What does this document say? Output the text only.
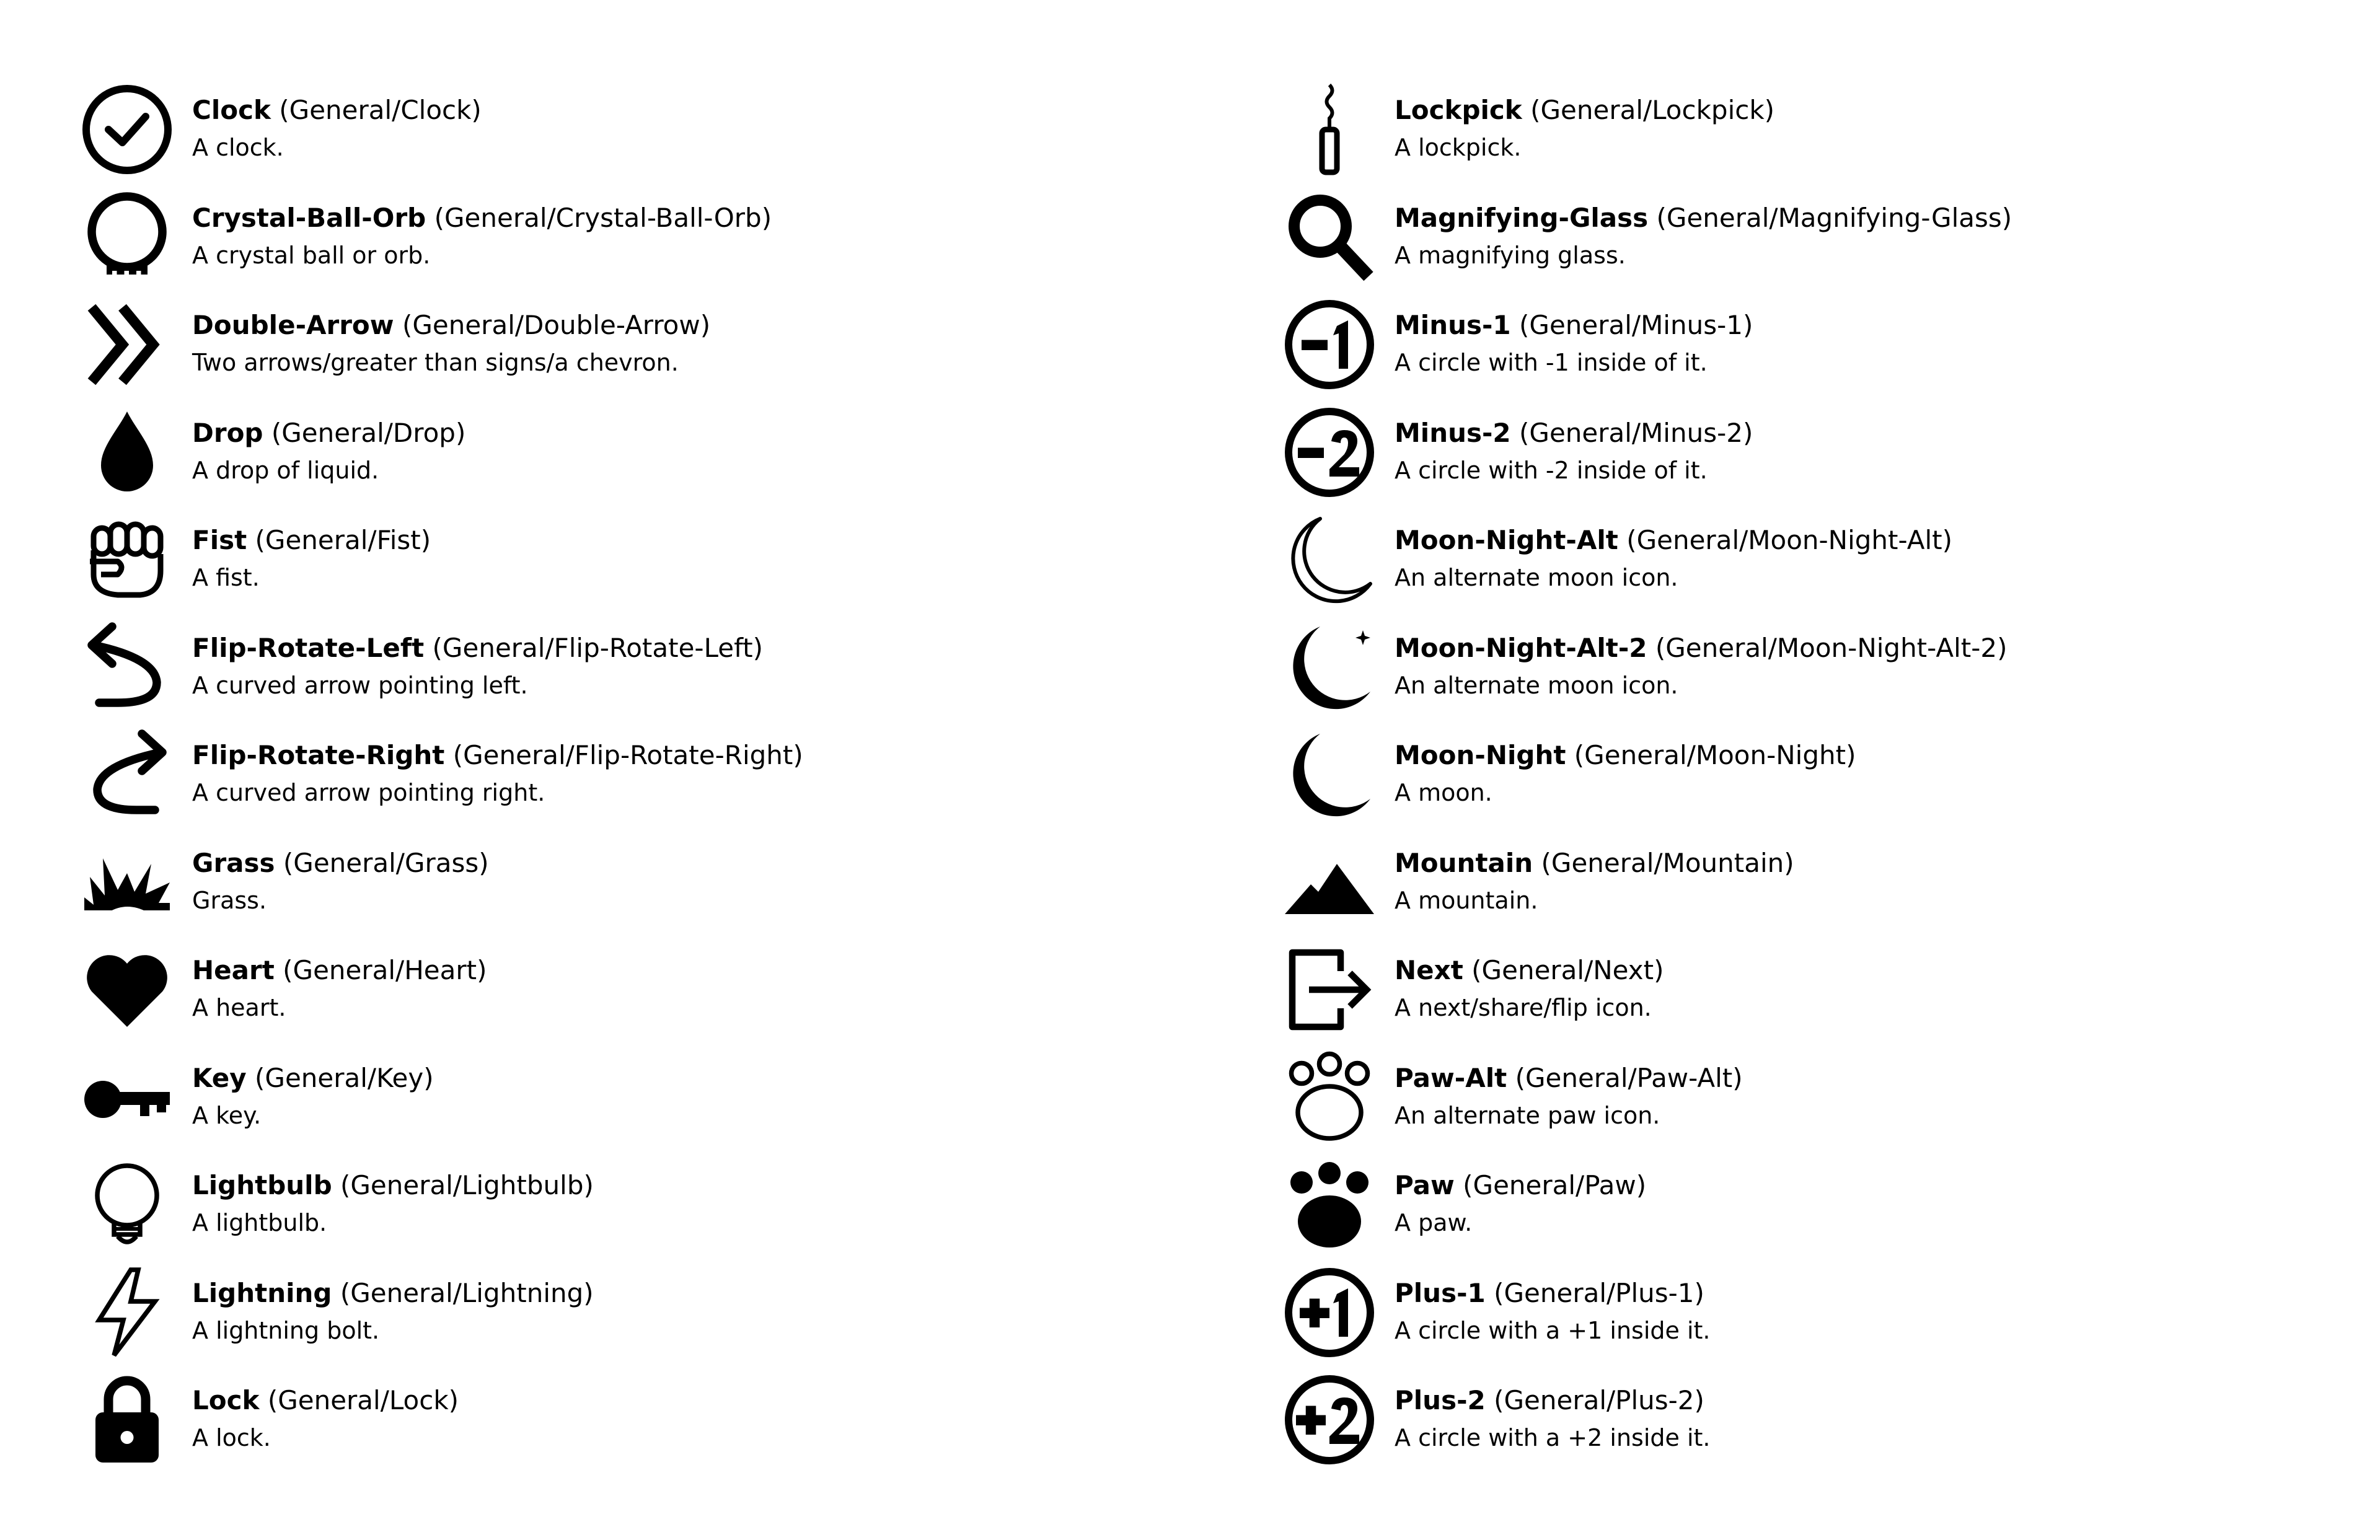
Clock (General/Clock)
A clock.
Crystal-Ball-Orb (General/Crystal-Ball-Orb)
A crystal ball or orb.
Double-Arrow (General/Double-Arrow)
Two arrows/greater than signs/a chevron.
Drop (General/Drop)
A drop of liquid.
Fist (General/Fist)
A fist.
Flip-Rotate-Left (General/Flip-Rotate-Left)
A curved arrow pointing left.
Flip-Rotate-Right (General/Flip-Rotate-Right)
A curved arrow pointing right.
Grass (General/Grass)
Grass.
Heart (General/Heart)
A heart.
Key (General/Key)
A key.
Lightbulb (General/Lightbulb)
A lightbulb.
Lightning (General/Lightning)
A lightning bolt.
Lock (General/Lock)
A lock.
Lockpick (General/Lockpick)
A lockpick.
Magnifying-Glass (General/Magnifying-Glass)
A magnifying glass.
Minus-1 (General/Minus-1)
A circle with -1 inside of it.
Minus-2 (General/Minus-2)
A circle with -2 inside of it.
Moon-Night-Alt (General/Moon-Night-Alt)
An alternate moon icon.
Moon-Night-Alt-2 (General/Moon-Night-Alt-2)
An alternate moon icon.
Moon-Night (General/Moon-Night)
A moon.
Mountain (General/Mountain)
A mountain.
Next (General/Next)
A next/share/flip icon.
Paw-Alt (General/Paw-Alt)
An alternate paw icon.
Paw (General/Paw)
A paw.
Plus-1 (General/Plus-1)
A circle with a +1 inside it.
Plus-2 (General/Plus-2)
A circle with a +2 inside it.
